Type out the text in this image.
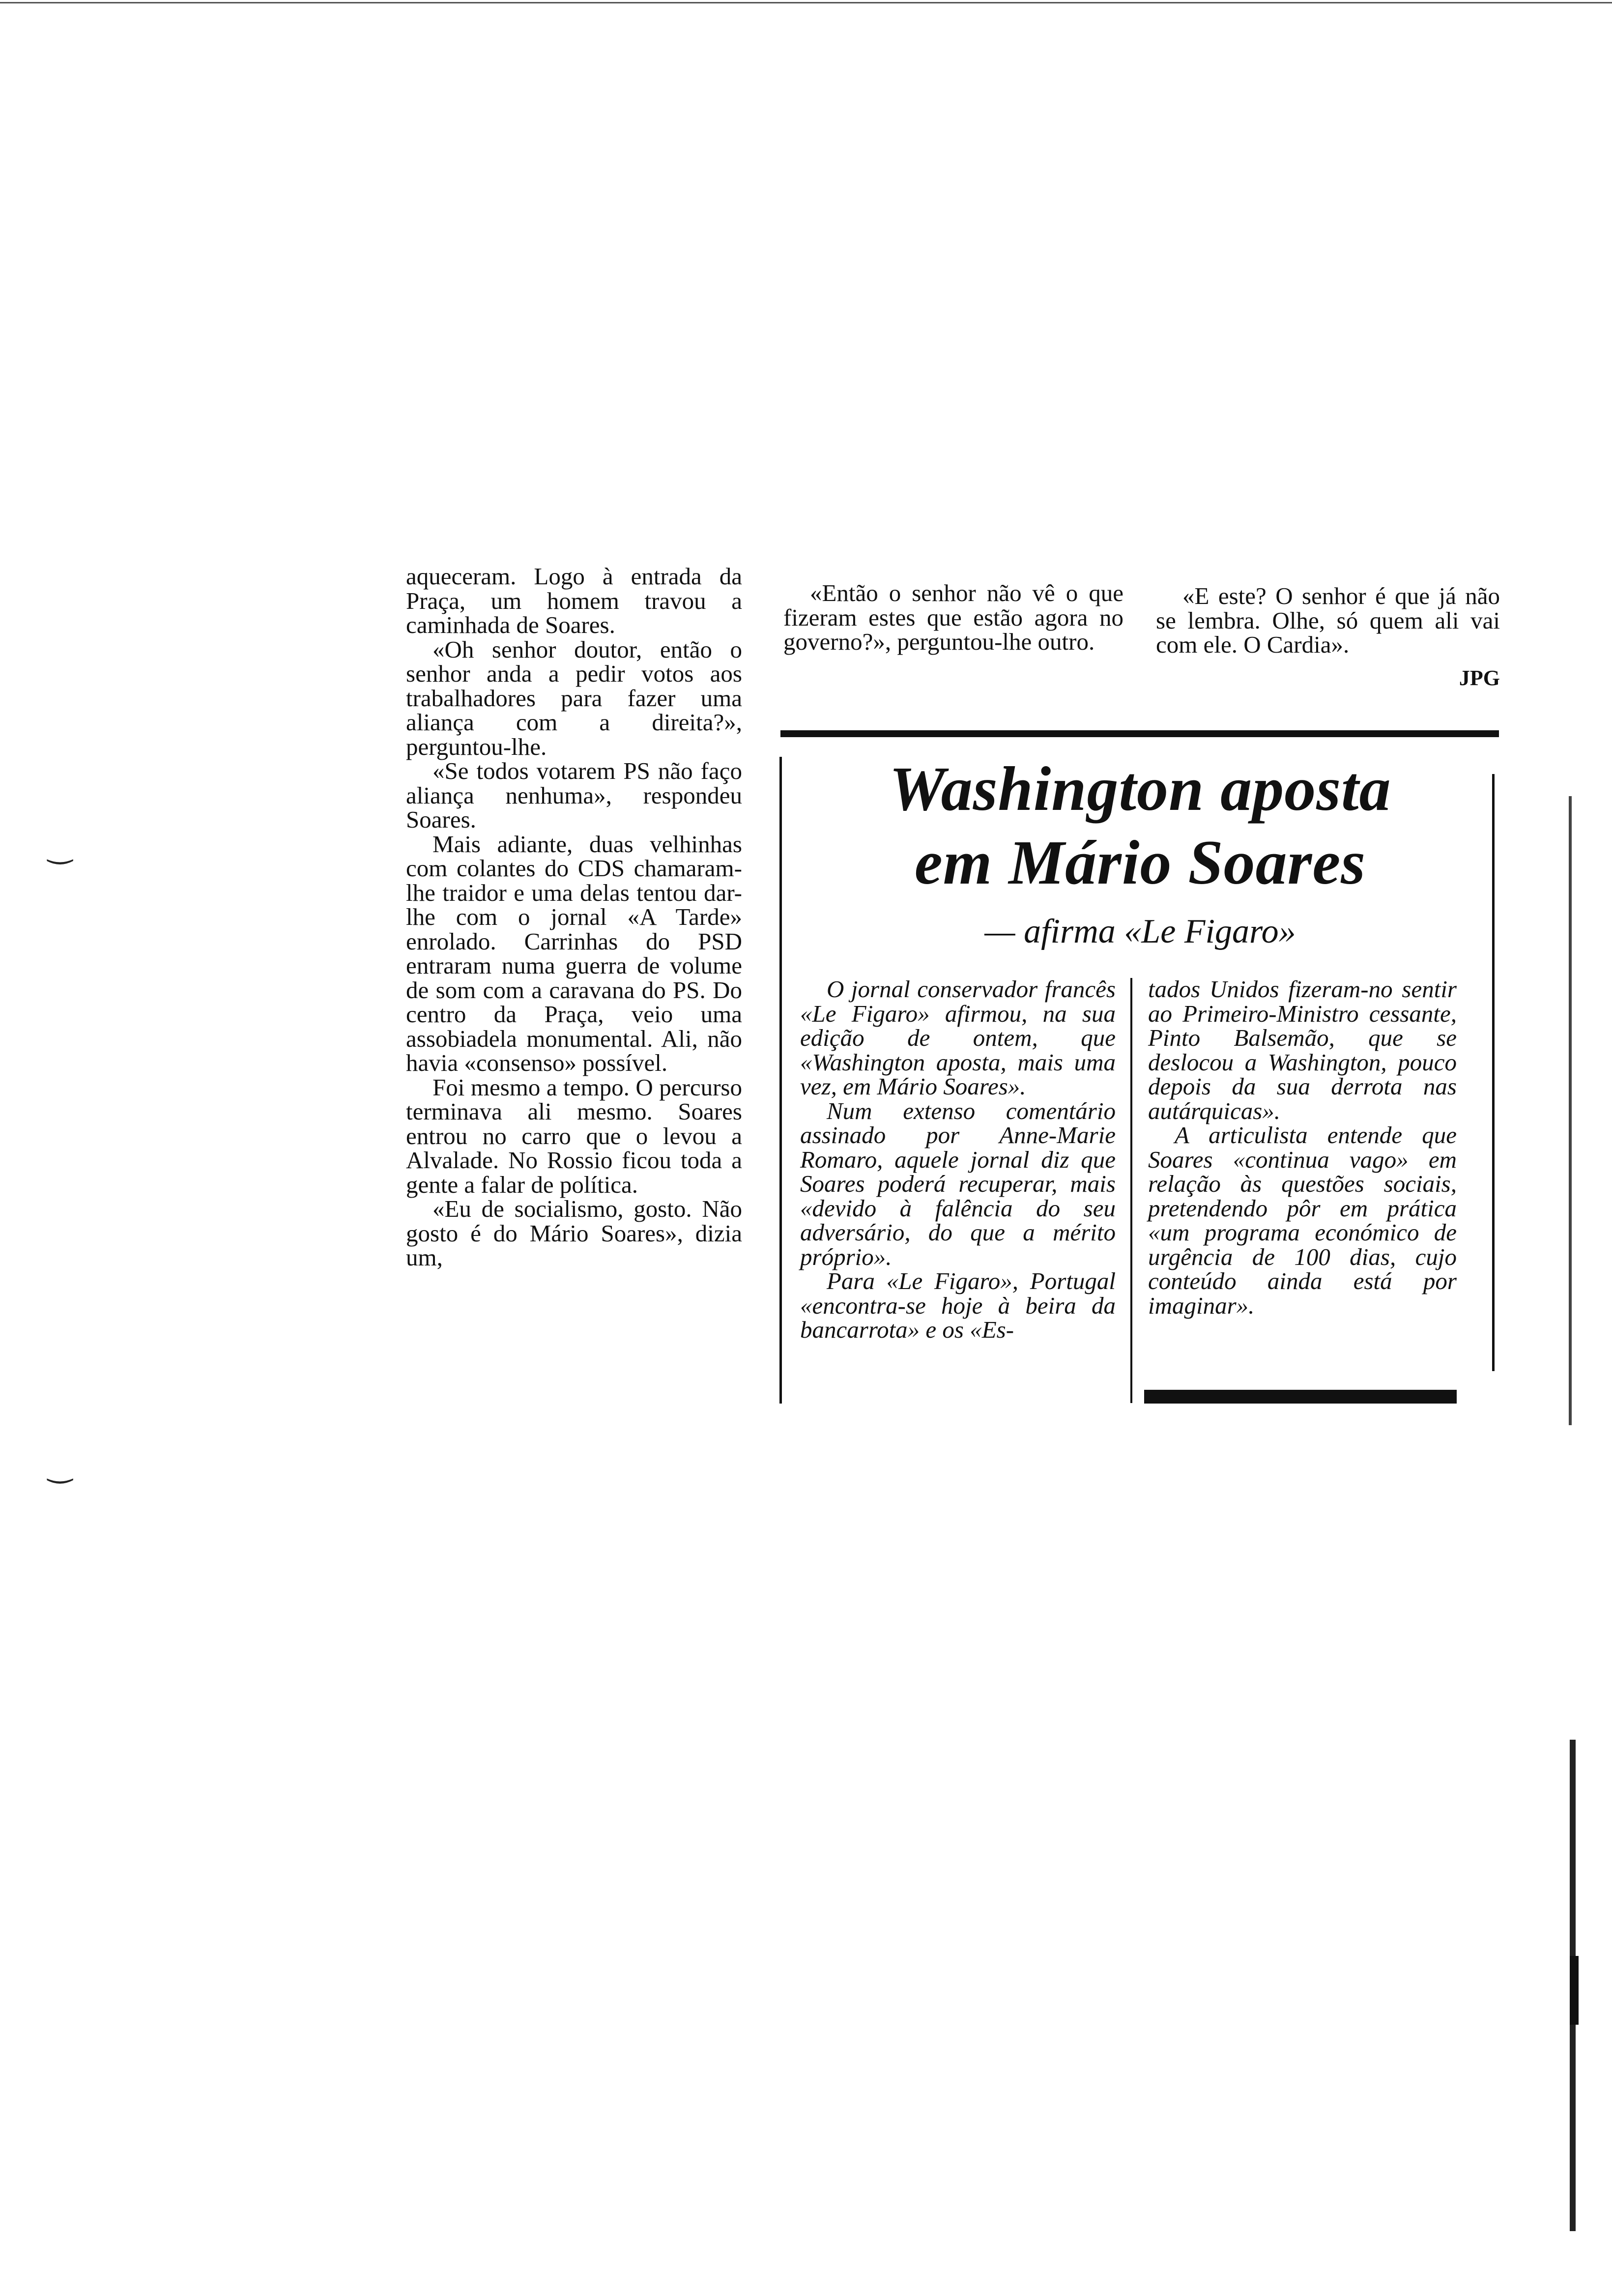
aqueceram. Logo à entrada da Praça, um homem travou a caminhada de Soares.

«Oh senhor doutor, então o senhor anda a pedir votos aos trabalhadores para fazer uma aliança com a direita?», perguntou-lhe.

«Se todos votarem PS não faço aliança nenhuma», respondeu Soares.

Mais adiante, duas velhinhas com colantes do CDS chamaram-lhe traidor e uma delas tentou dar-lhe com o jornal «A Tarde» enrolado. Carrinhas do PSD entraram numa guerra de volume de som com a caravana do PS. Do centro da Praça, veio uma assobiadela monumental. Ali, não havia «consenso» possível.

Foi mesmo a tempo. O percurso terminava ali mesmo. Soares entrou no carro que o levou a Alvalade. No Rossio ficou toda a gente a falar de política.

«Eu de socialismo, gosto. Não gosto é do Mário Soares», dizia um,

«Então o senhor não vê o que fizeram estes que estão agora no governo?», perguntou-lhe outro.

«E este? O senhor é que já não se lembra. Olhe, só quem ali vai com ele. O Cardia».

JPG
Washington aposta
em Mário Soares
— afirma «Le Figaro»

O jornal conservador francês «Le Figaro» afirmou, na sua edição de ontem, que «Washington aposta, mais uma vez, em Mário Soares».

Num extenso comentário assinado por Anne-Marie Romaro, aquele jornal diz que Soares poderá recuperar, mais «devido à falência do seu adversário, do que a mérito próprio».

Para «Le Figaro», Portugal «encontra-se hoje à beira da bancarrota» e os «Es-

tados Unidos fizeram-no sentir ao Primeiro-Ministro cessante, Pinto Balsemão, que se deslocou a Washington, pouco depois da sua derrota nas autárquicas».

A articulista entende que Soares «continua vago» em relação às questões sociais, pretendendo pôr em prática «um programa económico de urgência de 100 dias, cujo conteúdo ainda está por imaginar».

‿
‿
